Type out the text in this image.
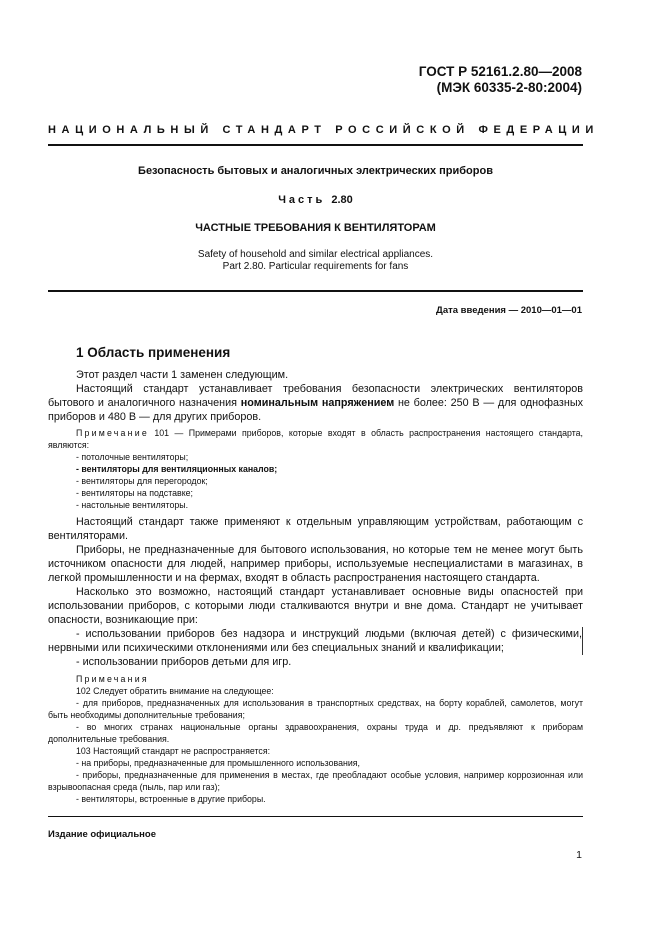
ГОСТ Р 52161.2.80—2008
(МЭК 60335-2-80:2004)
НАЦИОНАЛЬНЫЙ СТАНДАРТ РОССИЙСКОЙ ФЕДЕРАЦИИ
Безопасность бытовых и аналогичных электрических приборов
Часть 2.80
ЧАСТНЫЕ ТРЕБОВАНИЯ К ВЕНТИЛЯТОРАМ
Safety of household and similar electrical appliances.
Part 2.80. Particular requirements for fans
Дата введения — 2010—01—01
1 Область применения

Этот раздел части 1 заменен следующим.

Настоящий стандарт устанавливает требования безопасности электрических вентиляторов бытового и аналогичного назначения номинальным напряжением не более: 250 В — для однофазных приборов и 480 В — для других приборов.

Примечание 101 — Примерами приборов, которые входят в область распространения настоящего стандарта, являются:

- потолочные вентиляторы;

- вентиляторы для вентиляционных каналов;

- вентиляторы для перегородок;

- вентиляторы на подставке;

- настольные вентиляторы.

Настоящий стандарт также применяют к отдельным управляющим устройствам, работающим с вентиляторами.

Приборы, не предназначенные для бытового использования, но которые тем не менее могут быть источником опасности для людей, например приборы, используемые неспециалистами в магазинах, в легкой промышленности и на фермах, входят в область распространения настоящего стандарта.

Насколько это возможно, настоящий стандарт устанавливает основные виды опасностей при использовании приборов, с которыми люди сталкиваются внутри и вне дома. Стандарт не учитывает опасности, возникающие при:

- использовании приборов без надзора и инструкций людьми (включая детей) с физическими, нервными или психическими отклонениями или без специальных знаний и квалификации;

- использовании приборов детьми для игр.

Примечания

102 Следует обратить внимание на следующее:

- для приборов, предназначенных для использования в транспортных средствах, на борту кораблей, самолетов, могут быть необходимы дополнительные требования;

- во многих странах национальные органы здравоохранения, охраны труда и др. предъявляют к приборам дополнительные требования.

103 Настоящий стандарт не распространяется:

- на приборы, предназначенные для промышленного использования,

- приборы, предназначенные для применения в местах, где преобладают особые условия, например коррозионная или взрывоопасная среда (пыль, пар или газ);

- вентиляторы, встроенные в другие приборы.

Издание официальное
1
